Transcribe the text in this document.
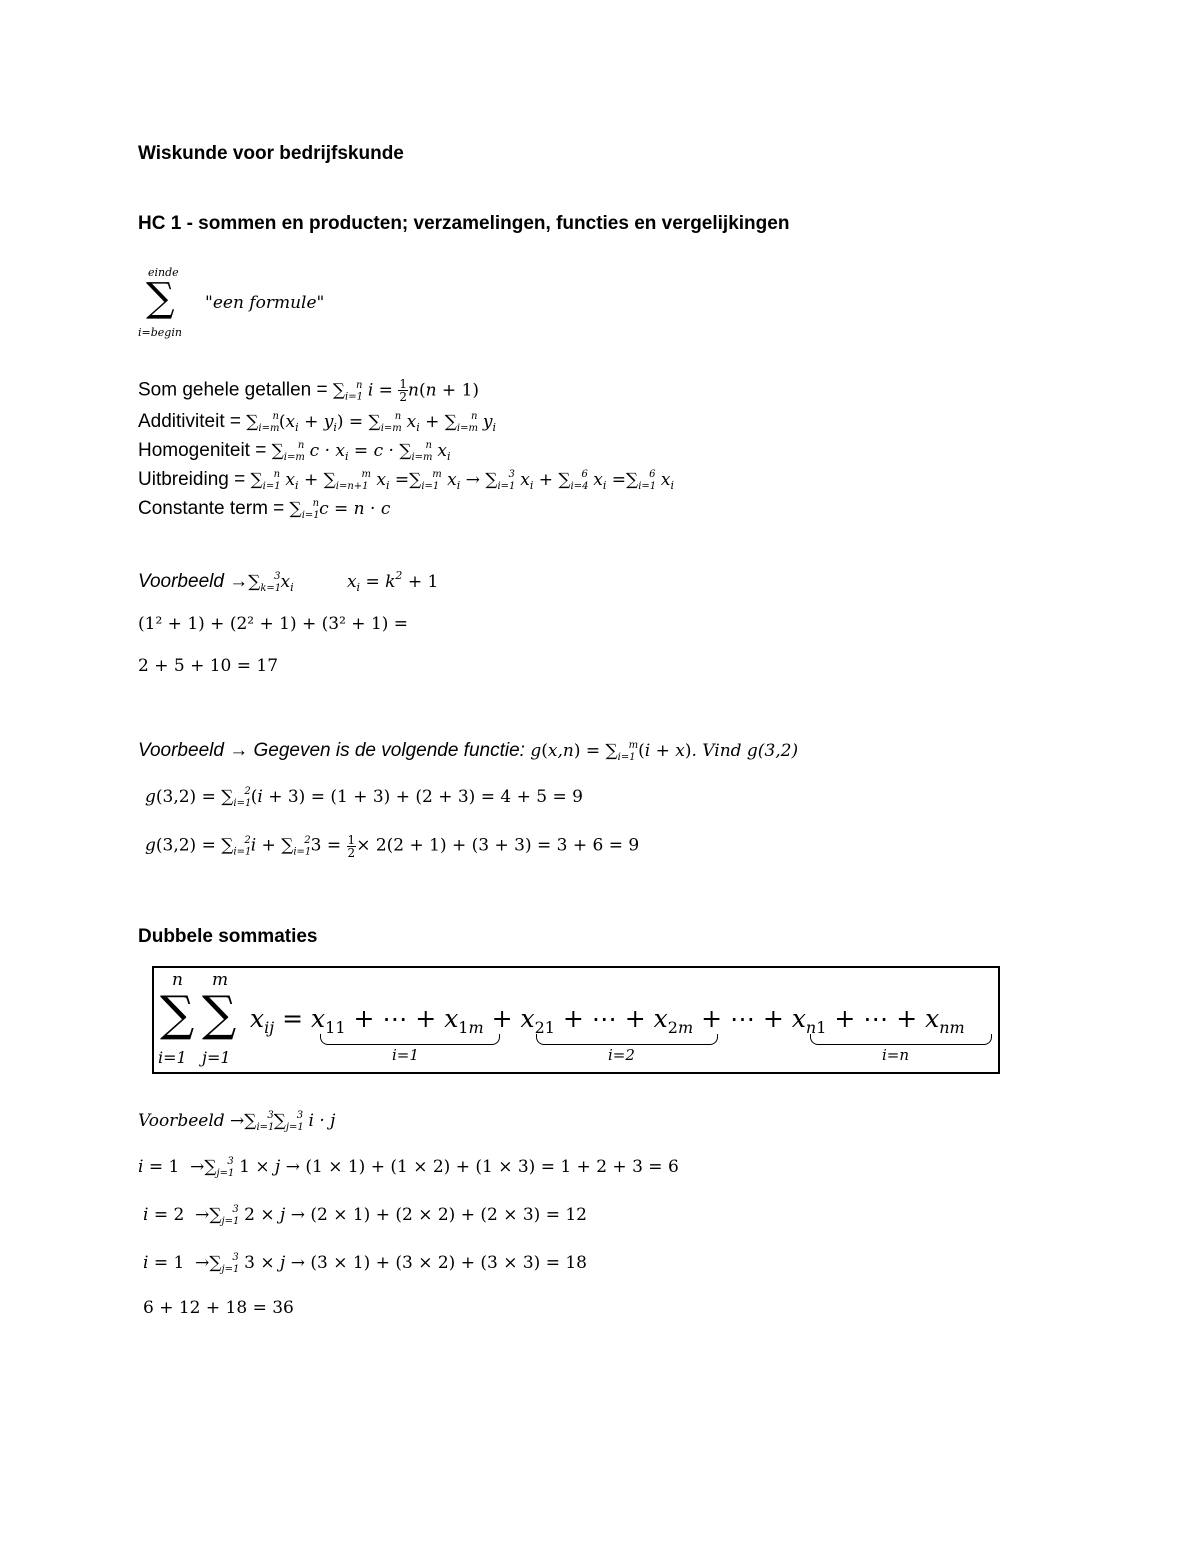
Wiskunde voor bedrijfskunde
HC 1 - sommen en producten; verzamelingen, functies en vergelijkingen
einde
∑
i=begin
"een formule"
Som gehele getallen = $\sum_{i=1}^n$ $i = \frac{1}{2} n(n + 1)$
Additiviteit = $\sum_{i=m}^n(x_i + y_i) = \sum_{i=m}^n$ $x_i + \sum_{i=m}^n$ $y_i$
Homogeniteit = $\sum_{i=m}^n$ $c \cdot x_i = c \cdot \sum_{i=m}^n$ $x_i$
Uitbreiding = $\sum_{i=1}^n$ $x_i + \sum_{i=n+1}^m$ $x_i =\sum_{i=1}^m$ $x_i \to \sum_{i=1}^3$ $x_i + \sum_{i=4}^6$ $x_i =\sum_{i=1}^6$ $x_i$
Constante term = $\sum_{i=1}^nc = n \cdot c$
Voorbeeld $\to\sum_{k=1}^3x_i$	$x_i = k^2 + 1$
(1² + 1) + (2² + 1) + (3² + 1) =
2 + 5 + 10 = 17
Voorbeeld → Gegeven is de volgende functie: $g(x,n) = \sum_{i=1}^m(i + x)$. Vind g(3,2)
$g(3,2) = \sum_{i=1}^2(i + 3) = (1 + 3) + (2 + 3) = 4 + 5 = 9$
$g(3,2) = \sum_{i=1}^2i + \sum_{i=1}^23 = \frac{1}{2} \times 2(2 + 1) + (3 + 3) = 3 + 6 = 9$
Dubbele sommaties
n m
∑ ∑
i=1 j=1
$x_{ij} = x_{11}$ + ⋯ + $x_{1m} + x_{21}$ + ⋯ + $x_{2m}$ + ⋯ + $x_{n1}$ + ⋯ + $x_{nm}$
i=1	i=2	i=n
Voorbeeld $\to\sum_{i=1}^3\sum_{j=1}^3$ i · j
$i = 1 \to\sum_{j=1}^3$ 1 × j → (1 × 1) + (1 × 2) + (1 × 3) = 1 + 2 + 3 = 6
$i = 2 \to\sum_{j=1}^3$ 2 × j → (2 × 1) + (2 × 2) + (2 × 3) = 12
$i = 1 \to\sum_{j=1}^3$ 3 × j → (3 × 1) + (3 × 2) + (3 × 3) = 18
6 + 12 + 18 = 36
